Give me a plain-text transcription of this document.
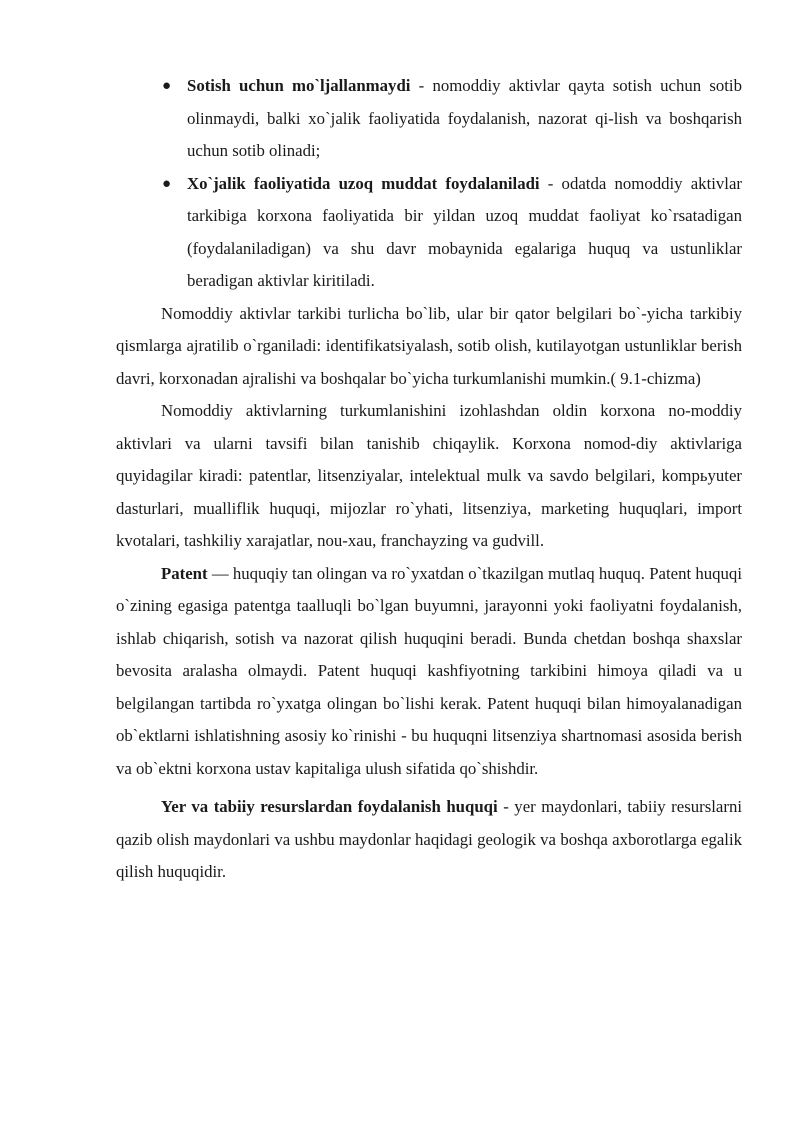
● Sotish uchun mo`ljallanmaydi - nomoddiy aktivlar qayta sotish uchun sotib olinmaydi, balki xo`jalik faoliyatida foydalanish, nazorat qi-lish va boshqarish uchun sotib olinadi;
● Xo`jalik faoliyatida uzoq muddat foydalaniladi - odatda nomoddiy aktivlar tarkibiga korxona faoliyatida bir yildan uzoq muddat faoliyat ko`rsatadigan (foydalaniladigan) va shu davr mobaynida egalariga huquq va ustunliklar beradigan aktivlar kiritiladi.

Nomoddiy aktivlar tarkibi turlicha bo`lib, ular bir qator belgilari bo`-yicha tarkibiy qismlarga ajratilib o`rganiladi: identifikatsiyalash, sotib olish, kutilayotgan ustunliklar berish davri, korxonadan ajralishi va boshqalar bo`yicha turkumlanishi mumkin.( 9.1-chizma)

Nomoddiy aktivlarning turkumlanishini izohlashdan oldin korxona no-moddiy aktivlari va ularni tavsifi bilan tanishib chiqaylik. Korxona nomod-diy aktivlariga quyidagilar kiradi: patentlar, litsenziyalar, intelektual mulk va savdo belgilari, kompьyuter dasturlari, mualliflik huquqi, mijozlar ro`yhati, litsenziya, marketing huquqlari, import kvotalari, tashkiliy xarajatlar, nou-xau, franchayzing va gudvill.

Patent — huquqiy tan olingan va ro`yxatdan o`tkazilgan mutlaq huquq. Patent huquqi o`zining egasiga patentga taalluqli bo`lgan buyumni, jarayonni yoki faoliyatni foydalanish, ishlab chiqarish, sotish va nazorat qilish huquqini beradi. Bunda chetdan boshqa shaxslar bevosita aralasha olmaydi. Patent huquqi kashfiyotning tarkibini himoya qiladi va u belgilangan tartibda ro`yxatga olingan bo`lishi kerak. Patent huquqi bilan himoyalanadigan ob`ektlarni ishlatishning asosiy ko`rinishi - bu huquqni litsenziya shartnomasi asosida berish va ob`ektni korxona ustav kapitaliga ulush sifatida qo`shishdir.

Yer va tabiiy resurslardan foydalanish huquqi - yer maydonlari, tabiiy resurslarni qazib olish maydonlari va ushbu maydonlar haqidagi geologik va boshqa axborotlarga egalik qilish huquqidir.
